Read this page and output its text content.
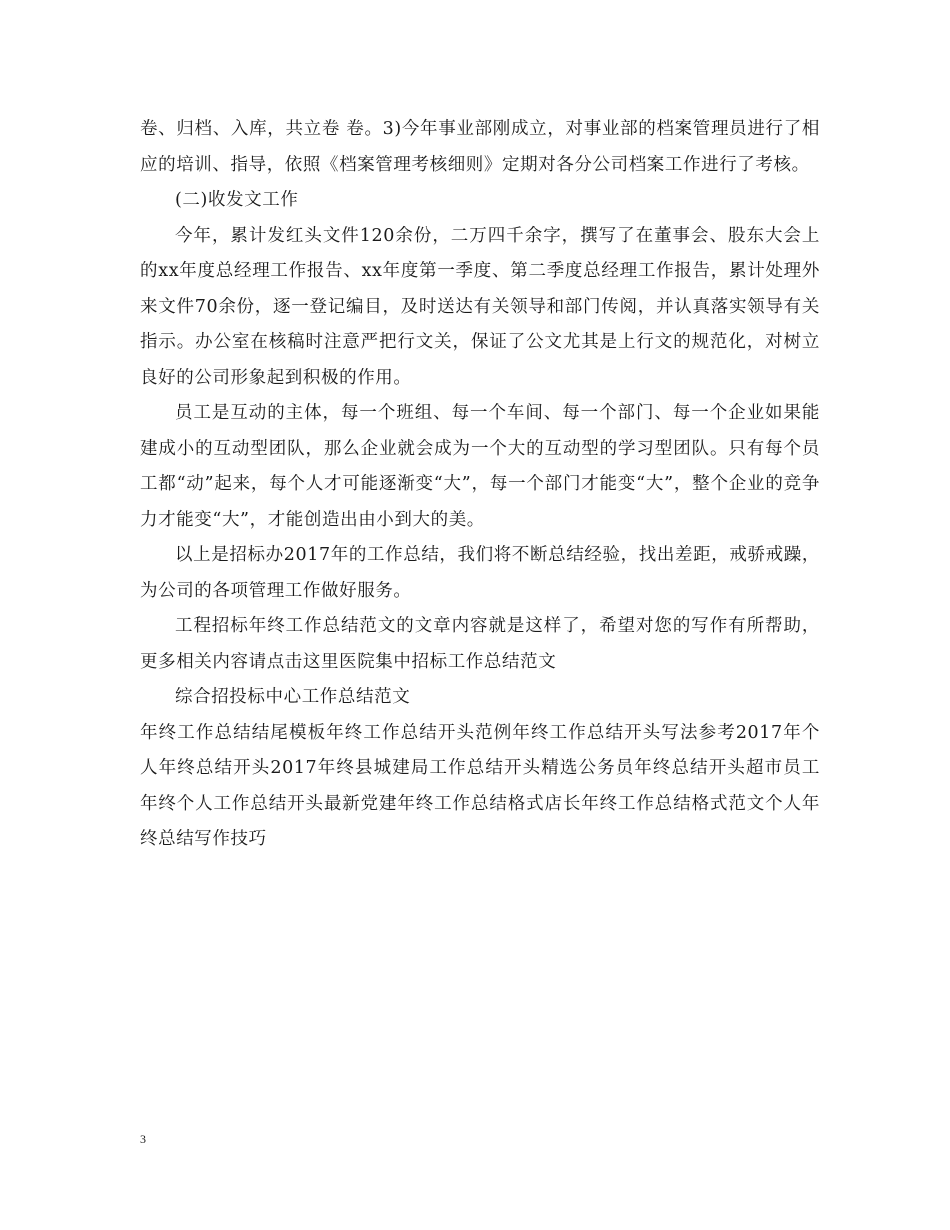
卷、归档、入库，共立卷 卷。3)今年事业部刚成立，对事业部的档案管理员进行了相应的培训、指导，依照《档案管理考核细则》定期对各分公司档案工作进行了考核。

(二)收发文工作

今年，累计发红头文件120余份，二万四千余字，撰写了在董事会、股东大会上的xx年度总经理工作报告、xx年度第一季度、第二季度总经理工作报告，累计处理外来文件70余份，逐一登记编目，及时送达有关领导和部门传阅，并认真落实领导有关指示。办公室在核稿时注意严把行文关，保证了公文尤其是上行文的规范化，对树立良好的公司形象起到积极的作用。

员工是互动的主体，每一个班组、每一个车间、每一个部门、每一个企业如果能建成小的互动型团队，那么企业就会成为一个大的互动型的学习型团队。只有每个员工都“动”起来，每个人才可能逐渐变“大”，每一个部门才能变“大”，整个企业的竞争力才能变“大”，才能创造出由小到大的美。

以上是招标办2017年的工作总结，我们将不断总结经验，找出差距，戒骄戒躁，为公司的各项管理工作做好服务。

工程招标年终工作总结范文的文章内容就是这样了，希望对您的写作有所帮助，更多相关内容请点击这里医院集中招标工作总结范文

综合招投标中心工作总结范文

年终工作总结结尾模板年终工作总结开头范例年终工作总结开头写法参考2017年个人年终总结开头2017年终县城建局工作总结开头精选公务员年终总结开头超市员工年终个人工作总结开头最新党建年终工作总结格式店长年终工作总结格式范文个人年终总结写作技巧

3
